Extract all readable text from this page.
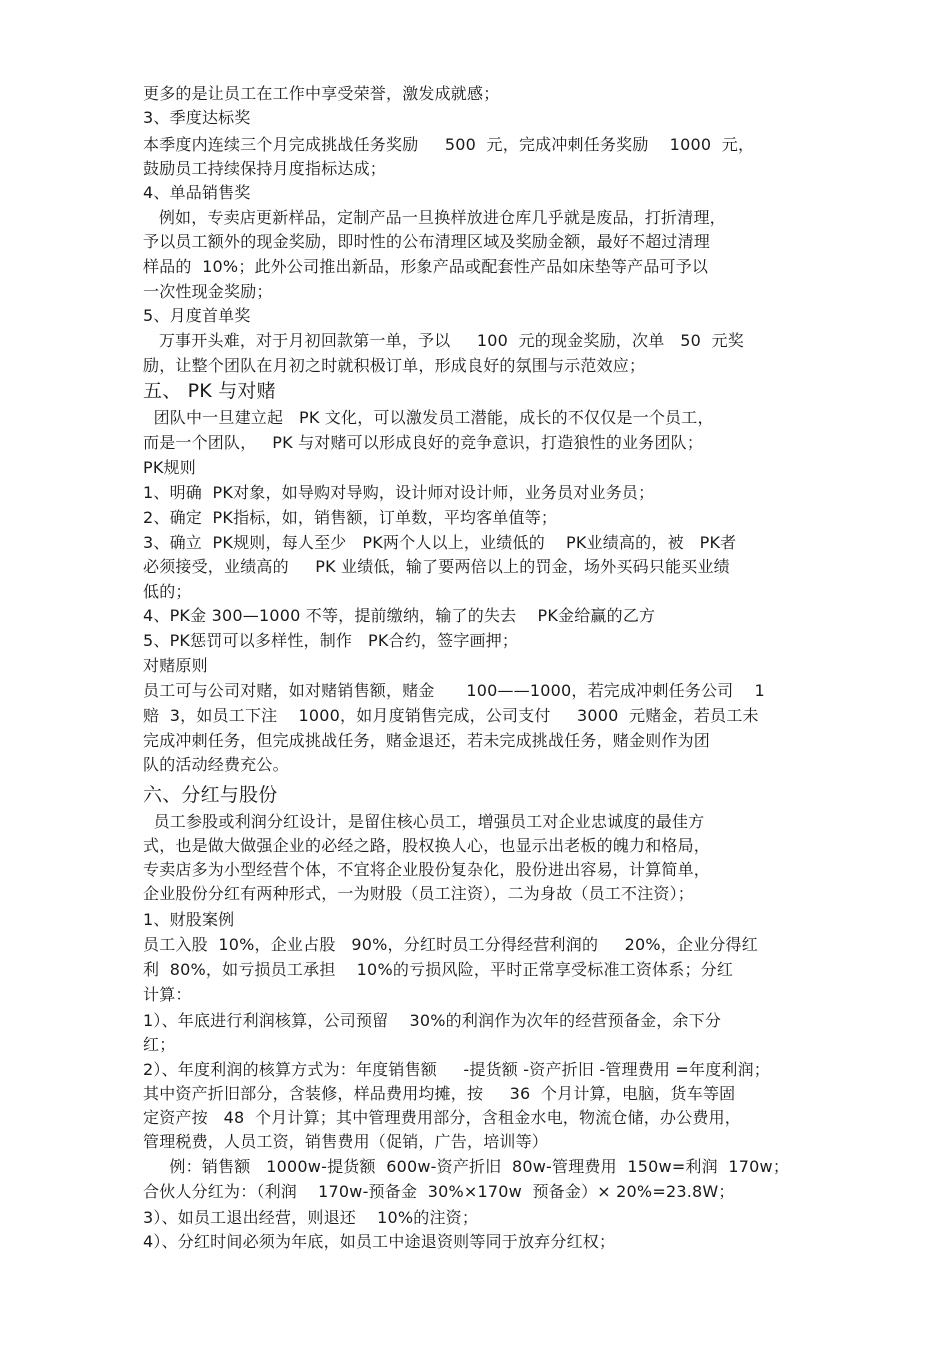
更多的是让员工在工作中享受荣誉，激发成就感；
3、季度达标奖
本季度内连续三个月完成挑战任务奖励     500  元，完成冲刺任务奖励    1000  元，
鼓励员工持续保持月度指标达成；
4、单品销售奖
例如，专卖店更新样品，定制产品一旦换样放进仓库几乎就是废品，打折清理，
予以员工额外的现金奖励，即时性的公布清理区域及奖励金额，最好不超过清理
样品的  10%；此外公司推出新品，形象产品或配套性产品如床垫等产品可予以
一次性现金奖励；
5、月度首单奖
万事开头难，对于月初回款第一单，予以     100  元的现金奖励，次单   50  元奖
励，让整个团队在月初之时就积极订单，形成良好的氛围与示范效应；
五、 PK 与对赌
团队中一旦建立起   PK 文化，可以激发员工潜能，成长的不仅仅是一个员工，
而是一个团队，   PK 与对赌可以形成良好的竞争意识，打造狼性的业务团队；
PK规则
1、明确  PK对象，如导购对导购，设计师对设计师，业务员对业务员；
2、确定  PK指标，如，销售额，订单数，平均客单值等；
3、确立  PK规则，每人至少   PK两个人以上，业绩低的    PK业绩高的，被   PK者
必须接受，业绩高的     PK 业绩低，输了要两倍以上的罚金，场外买码只能买业绩
低的；
4、PK金 300—1000 不等，提前缴纳，输了的失去    PK金给赢的乙方
5、PK惩罚可以多样性，制作   PK合约，签字画押；
对赌原则
员工可与公司对赌，如对赌销售额，赌金      100——1000，若完成冲刺任务公司    1
赔  3，如员工下注    1000，如月度销售完成，公司支付     3000  元赌金，若员工未
完成冲刺任务，但完成挑战任务，赌金退还，若未完成挑战任务，赌金则作为团
队的活动经费充公。
六、分红与股份
员工参股或利润分红设计，是留住核心员工，增强员工对企业忠诚度的最佳方
式，也是做大做强企业的必经之路，股权换人心，也显示出老板的魄力和格局，
专卖店多为小型经营个体，不宜将企业股份复杂化，股份进出容易，计算简单，
企业股份分红有两种形式，一为财股（员工注资），二为身故（员工不注资）；
1、财股案例
员工入股  10%，企业占股   90%，分红时员工分得经营利润的     20%，企业分得红
利  80%，如亏损员工承担    10%的亏损风险，平时正常享受标准工资体系；分红
计算：
1）、年底进行利润核算，公司预留    30%的利润作为次年的经营预备金，余下分
红；
2）、年度利润的核算方式为：年度销售额     -提货额 -资产折旧 -管理费用 =年度利润；
其中资产折旧部分，含装修，样品费用均摊，按     36  个月计算，电脑，货车等固
定资产按   48  个月计算；其中管理费用部分，含租金水电，物流仓储，办公费用，
管理税费，人员工资，销售费用（促销，广告，培训等）
例：销售额   1000w-提货额  600w-资产折旧  80w-管理费用  150w=利润  170w；
合伙人分红为：（利润    170w-预备金  30%×170w  预备金）× 20%=23.8W；
3）、如员工退出经营，则退还    10%的注资；
4）、分红时间必须为年底，如员工中途退资则等同于放弃分红权；
